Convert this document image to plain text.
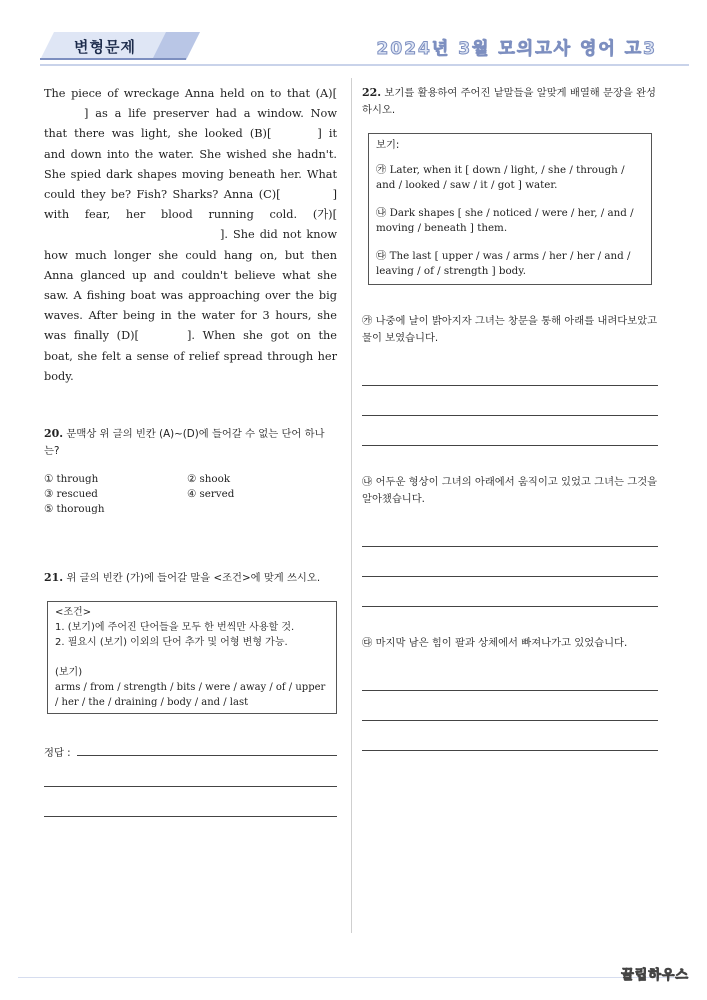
변형문제	2024년 3월 모의고사 영어 고3

The piece of wreckage Anna held on to that (A)[] as a life preserver had a window. Now that there was light, she looked (B)[	] it and down into the water. She wished she hadn't. She spied dark shapes moving beneath her. What could they be? Fish? Sharks? Anna (C)[	] with fear, her blood running cold. (가)[]. She did not know how much longer she could hang on, but then Anna glanced up and couldn't believe what she saw. A fishing boat was approaching over the big waves. After being in the water for 3 hours, she was finally (D)[	]. When she got on the boat, she felt a sense of relief spread through her body.

20. 문맥상 위 글의 빈칸 (A)~(D)에 들어갈 수 없는 단어 하나는?
① through	② shook
③ rescued	④ served
⑤ thorough
21. 위 글의 빈칸 (가)에 들어갈 말을 <조건>에 맞게 쓰시오.
<조건>
1. (보기)에 주어진 단어들을 모두 한 번씩만 사용할 것.
2. 필요시 (보기) 이외의 단어 추가 및 어형 변형 가능.
(보기)
arms / from / strength / bits / were / away / of / upper / her / the / draining / body / and / last
정답 :
22. 보기를 활용하여 주어진 낱말들을 알맞게 배열해 문장을 완성하시오.
보기:

㉮ Later, when it [ down / light, / she / through / and / looked / saw / it / got ] water.

㉯ Dark shapes [ she / noticed / were / her, / and / moving / beneath ] them.

㉰ The last [ upper / was / arms / her / her / and / leaving / of / strength ] body.

㉮ 나중에 날이 밝아지자 그녀는 창문을 통해 아래를 내려다보았고 물이 보였습니다.
㉯ 어두운 형상이 그녀의 아래에서 움직이고 있었고 그녀는 그것을 알아챘습니다.
㉰ 마지막 남은 힘이 팔과 상체에서 빠져나가고 있었습니다.
꿀립하우스
